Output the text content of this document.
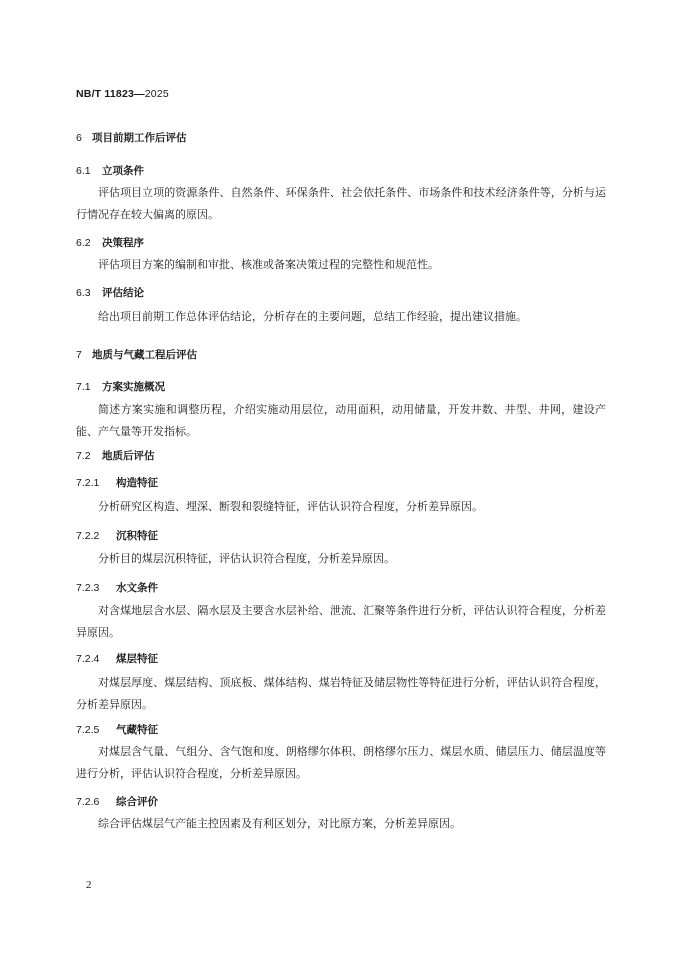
NB/T 11823—2025
6 项目前期工作后评估
6.1 立项条件
评估项目立项的资源条件、自然条件、环保条件、社会依托条件、市场条件和技术经济条件等，分析与运行情况存在较大偏离的原因。
6.2 决策程序
评估项目方案的编制和审批、核准或备案决策过程的完整性和规范性。
6.3 评估结论
给出项目前期工作总体评估结论，分析存在的主要问题，总结工作经验，提出建议措施。
7 地质与气藏工程后评估
7.1 方案实施概况
简述方案实施和调整历程，介绍实施动用层位，动用面积，动用储量，开发井数、井型、井网，建设产能、产气量等开发指标。
7.2 地质后评估
7.2.1 构造特征
分析研究区构造、埋深、断裂和裂缝特征，评估认识符合程度，分析差异原因。
7.2.2 沉积特征
分析目的煤层沉积特征，评估认识符合程度，分析差异原因。
7.2.3 水文条件
对含煤地层含水层、隔水层及主要含水层补给、泄流、汇聚等条件进行分析，评估认识符合程度，分析差异原因。
7.2.4 煤层特征
对煤层厚度、煤层结构、顶底板、煤体结构、煤岩特征及储层物性等特征进行分析，评估认识符合程度，分析差异原因。
7.2.5 气藏特征
对煤层含气量、气组分、含气饱和度、朗格缪尔体积、朗格缪尔压力、煤层水质、储层压力、储层温度等进行分析，评估认识符合程度，分析差异原因。
7.2.6 综合评价
综合评估煤层气产能主控因素及有利区划分，对比原方案，分析差异原因。
2
